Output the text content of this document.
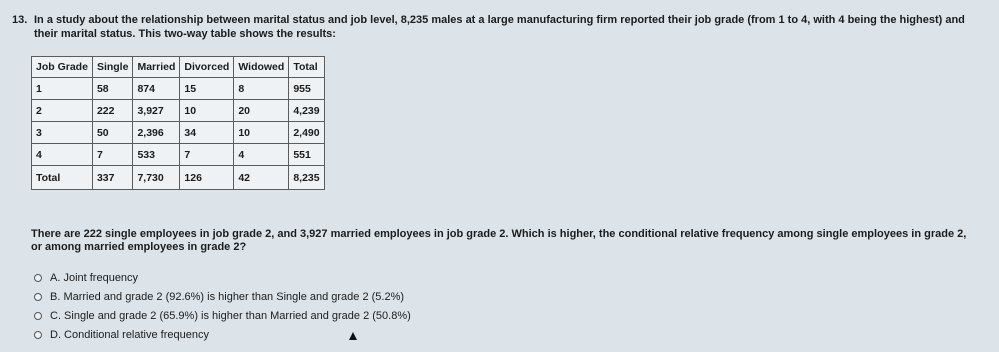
13. In a study about the relationship between marital status and job level, 8,235 males at a large manufacturing firm reported their job grade (from 1 to 4, with 4 being the highest) and their marital status. This two-way table shows the results:
Job Grade	Single	Married	Divorced	Widowed	Total
1	58	874	15	8	955
2	222	3,927	10	20	4,239
3	50	2,396	34	10	2,490
4	7	533	7	4	551
Total	337	7,730	126	42	8,235
There are 222 single employees in job grade 2, and 3,927 married employees in job grade 2. Which is higher, the conditional relative frequency among single employees in grade 2, or among married employees in grade 2?
A. Joint frequency
B. Married and grade 2 (92.6%) is higher than Single and grade 2 (5.2%)
C. Single and grade 2 (65.9%) is higher than Married and grade 2 (50.8%)
D. Conditional relative frequency
